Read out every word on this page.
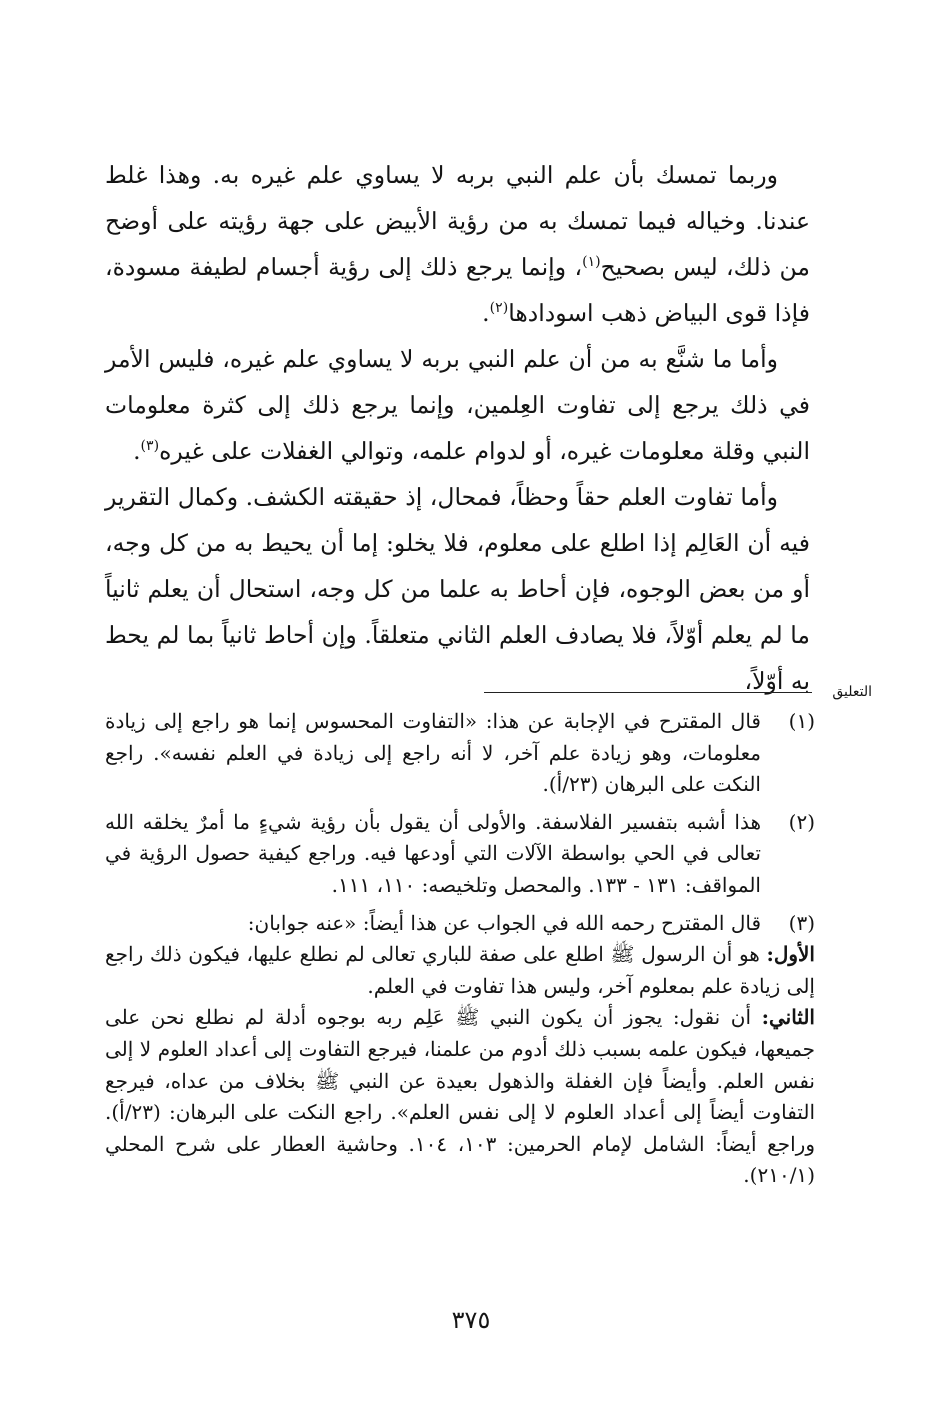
وربما تمسك بأن علم النبي بربه لا يساوي علم غيره به. وهذا غلط عندنا. وخياله فيما تمسك به من رؤية الأبيض على جهة رؤيته على أوضح من ذلك، ليس بصحيح$^{(١)}$، وإنما يرجع ذلك إلى رؤية أجسام لطيفة مسودة، فإذا قوى البياض ذهب اسودادها$^{(٢)}$.

وأما ما شنَّع به من أن علم النبي بربه لا يساوي علم غيره، فليس الأمر في ذلك يرجع إلى تفاوت العِلمين، وإنما يرجع ذلك إلى كثرة معلومات النبي وقلة معلومات غيره، أو لدوام علمه، وتوالي الغفلات على غيره$^{(٣)}$.

وأما تفاوت العلم حقاً وحظاً، فمحال، إذ حقيقته الكشف. وكمال التقرير فيه أن العَالِم إذا اطلع على معلوم، فلا يخلو: إما أن يحيط به من كل وجه، أو من بعض الوجوه، فإن أحاط به علما من كل وجه، استحال أن يعلم ثانياً ما لم يعلم أوّلاً، فلا يصادف العلم الثاني متعلقاً. وإن أحاط ثانياً بما لم يحط به أوّلاً،	التعليق
(١)

قال المقترح في الإجابة عن هذا: «التفاوت المحسوس إنما هو راجع إلى زيادة معلومات، وهو زيادة علم آخر، لا أنه راجع إلى زيادة في العلم نفسه». راجع النكت على البرهان (٢٣/أ).

(٢)

هذا أشبه بتفسير الفلاسفة. والأولى أن يقول بأن رؤية شيءٍ ما أمرٌ يخلقه الله تعالى في الحي بواسطة الآلات التي أودعها فيه. وراجع كيفية حصول الرؤية في المواقف: ١٣١ - ١٣٣. والمحصل وتلخيصه: ١١٠، ١١١.

(٣)

قال المقترح رحمه الله في الجواب عن هذا أيضاً: «عنه جوابان:

الأول: هو أن الرسول ﷺ اطلع على صفة للباري تعالى لم نطلع عليها، فيكون ذلك راجع إلى زيادة علم بمعلوم آخر، وليس هذا تفاوت في العلم.

الثاني: أن نقول: يجوز أن يكون النبي ﷺ عَلِم ربه بوجوه أدلة لم نطلع نحن على جميعها، فيكون علمه بسبب ذلك أدوم من علمنا، فيرجع التفاوت إلى أعداد العلوم لا إلى نفس العلم. وأيضاً فإن الغفلة والذهول بعيدة عن النبي ﷺ بخلاف من عداه، فيرجع التفاوت أيضاً إلى أعداد العلوم لا إلى نفس العلم». راجع النكت على البرهان: (٢٣/أ). وراجع أيضاً: الشامل لإمام الحرمين: ١٠٣، ١٠٤. وحاشية العطار على شرح المحلي (٢١٠/١).

٣٧٥
